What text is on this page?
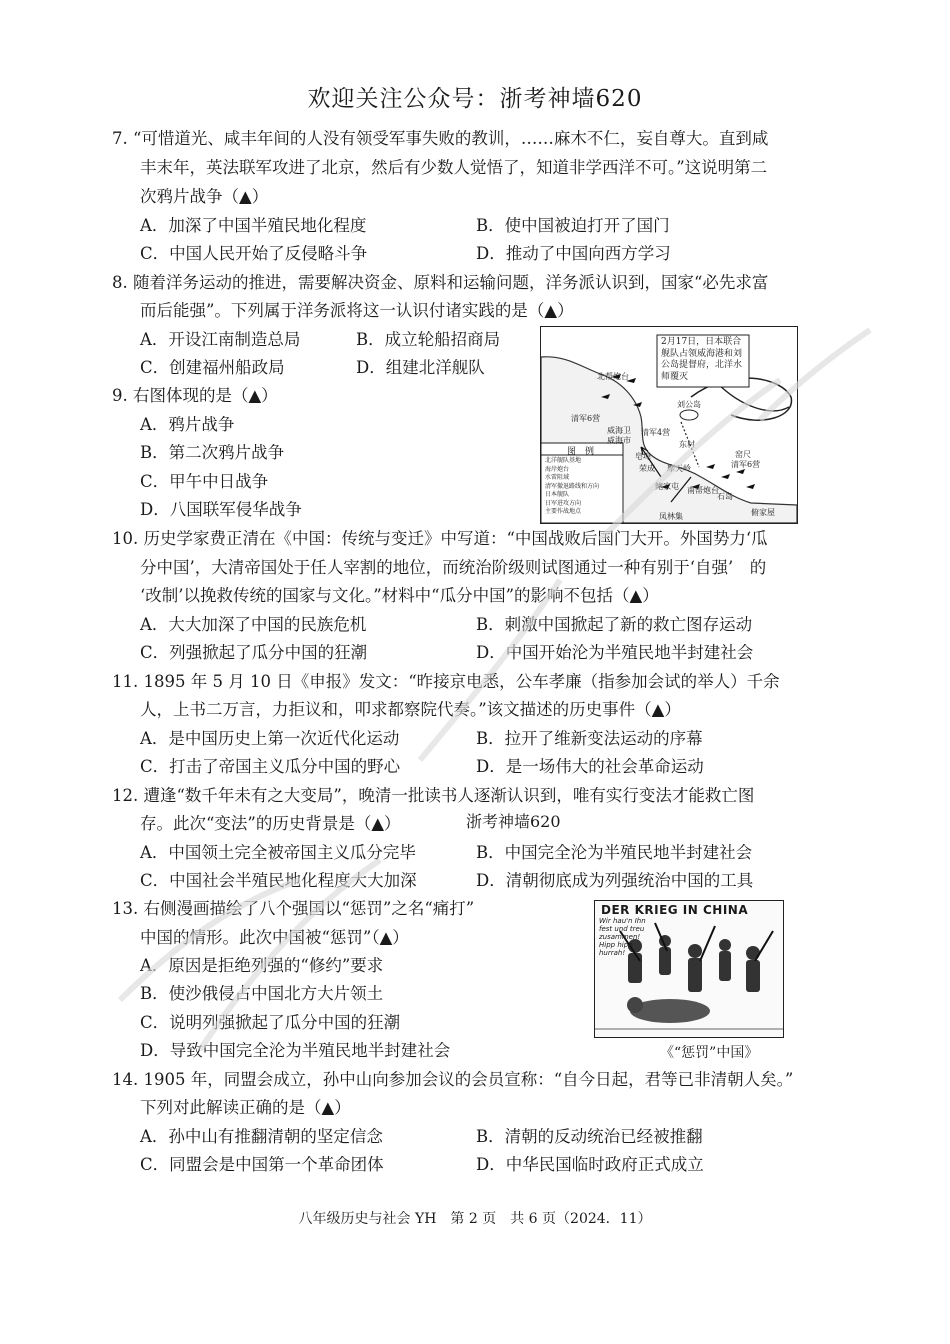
欢迎关注公众号：浙考神墙620
7. “可惜道光、咸丰年间的人没有领受军事失败的教训，……麻木不仁，妄自尊大。直到咸
丰末年，英法联军攻进了北京，然后有少数人觉悟了，知道非学西洋不可。”这说明第二
次鸦片战争（▲）
A．加深了中国半殖民地化程度	B．使中国被迫打开了国门
C．中国人民开始了反侵略斗争	D．推动了中国向西方学习
8. 随着洋务运动的推进，需要解决资金、原料和运输问题，洋务派认识到，国家“必先求富
而后能强”。下列属于洋务派将这一认识付诸实践的是（▲）
A．开设江南制造总局	B．成立轮船招商局
C．创建福州船政局	D．组建北洋舰队
9. 右图体现的是（▲）
A．鸦片战争
B．第二次鸦片战争
C．甲午中日战争
D．八国联军侵华战争
2月17日，日本联合
舰队占领威海港和刘
公岛提督府，北洋水
师覆灭
图　例
北洋舰队基地
海岸炮台
水雷阻域
清军撤退路线和方向
日本舰队
日军进攻方向
主要作战地点
北帮炮台
清军6营
威海卫
威海市
清军4营
刘公岛
东村
荣成
鲍家屯 南帮炮台
凤林集
摩天岭
石岛
清军6营
窑尺
皂埠
俯家屋
10. 历史学家费正清在《中国：传统与变迁》中写道：“中国战败后国门大开。外国势力‘瓜
分中国’，大清帝国处于任人宰割的地位，而统治阶级则试图通过一种有别于‘自强’　的
‘改制’以挽救传统的国家与文化。”材料中“瓜分中国”的影响不包括（▲）
A．大大加深了中国的民族危机	B．刺激中国掀起了新的救亡图存运动
C．列强掀起了瓜分中国的狂潮	D．中国开始沦为半殖民地半封建社会
11. 1895 年 5 月 10 日《申报》发文：“昨接京电悉，公车孝廉（指参加会试的举人）千余
人，上书二万言，力拒议和，叩求都察院代奏。”该文描述的历史事件（▲）
A．是中国历史上第一次近代化运动	B．拉开了维新变法运动的序幕
C．打击了帝国主义瓜分中国的野心	D．是一场伟大的社会革命运动
12. 遭逢“数千年未有之大变局”，晚清一批读书人逐渐认识到，唯有实行变法才能救亡图
存。此次“变法”的历史背景是（▲）	浙考神墙620
A．中国领土完全被帝国主义瓜分完毕	B．中国完全沦为半殖民地半封建社会
C．中国社会半殖民地化程度大大加深	D．清朝彻底成为列强统治中国的工具
13. 右侧漫画描绘了八个强国以“惩罚”之名“痛打”
中国的情形。此次中国被“惩罚”（▲）
A．原因是拒绝列强的“修约”要求
B．使沙俄侵占中国北方大片领土
C．说明列强掀起了瓜分中国的狂潮
D．导致中国完全沦为半殖民地半封建社会
DER KRIEG IN CHINA
Wir hau'n Ihn
fest und treu
zusammen!
Hipp hipp
hurrah!
《“惩罚”中国》
14. 1905 年，同盟会成立，孙中山向参加会议的会员宣称：“自今日起，君等已非清朝人矣。”
下列对此解读正确的是（▲）
A．孙中山有推翻清朝的坚定信念	B．清朝的反动统治已经被推翻
C．同盟会是中国第一个革命团体	D．中华民国临时政府正式成立
八年级历史与社会 YH　第 2 页　共 6 页（2024．11）
